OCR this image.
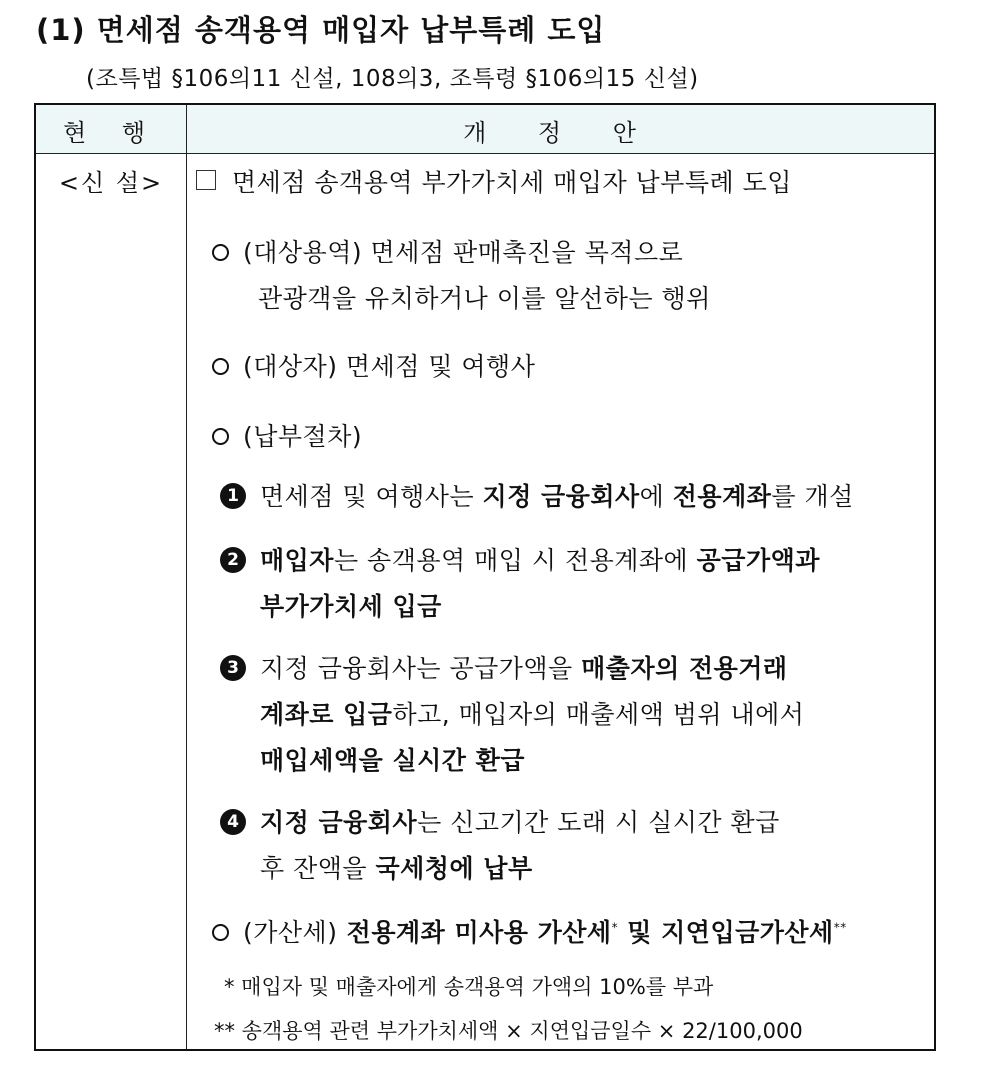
(1) 면세점 송객용역 매입자 납부특례 도입
(조특법 §106의11 신설, 108의3, 조특령 §106의15 신설)
현 행	개 정 안
<신 설>	면세점 송객용역 부가가치세 매입자 납부특례 도입
(대상용역) 면세점 판매촉진을 목적으로
관광객을 유치하거나 이를 알선하는 행위
(대상자) 면세점 및 여행사
(납부절차)
1 면세점 및 여행사는 지정 금융회사에 전용계좌를 개설
2 매입자는 송객용역 매입 시 전용계좌에 공급가액과
부가가치세 입금
3 지정 금융회사는 공급가액을 매출자의 전용거래
계좌로 입금하고, 매입자의 매출세액 범위 내에서
매입세액을 실시간 환급
4 지정 금융회사는 신고기간 도래 시 실시간 환급
후 잔액을 국세청에 납부
(가산세) 전용계좌 미사용 가산세* 및 지연입금가산세**
* 매입자 및 매출자에게 송객용역 가액의 10%를 부과
** 송객용역 관련 부가가치세액 × 지연입금일수 × 22/100,000
